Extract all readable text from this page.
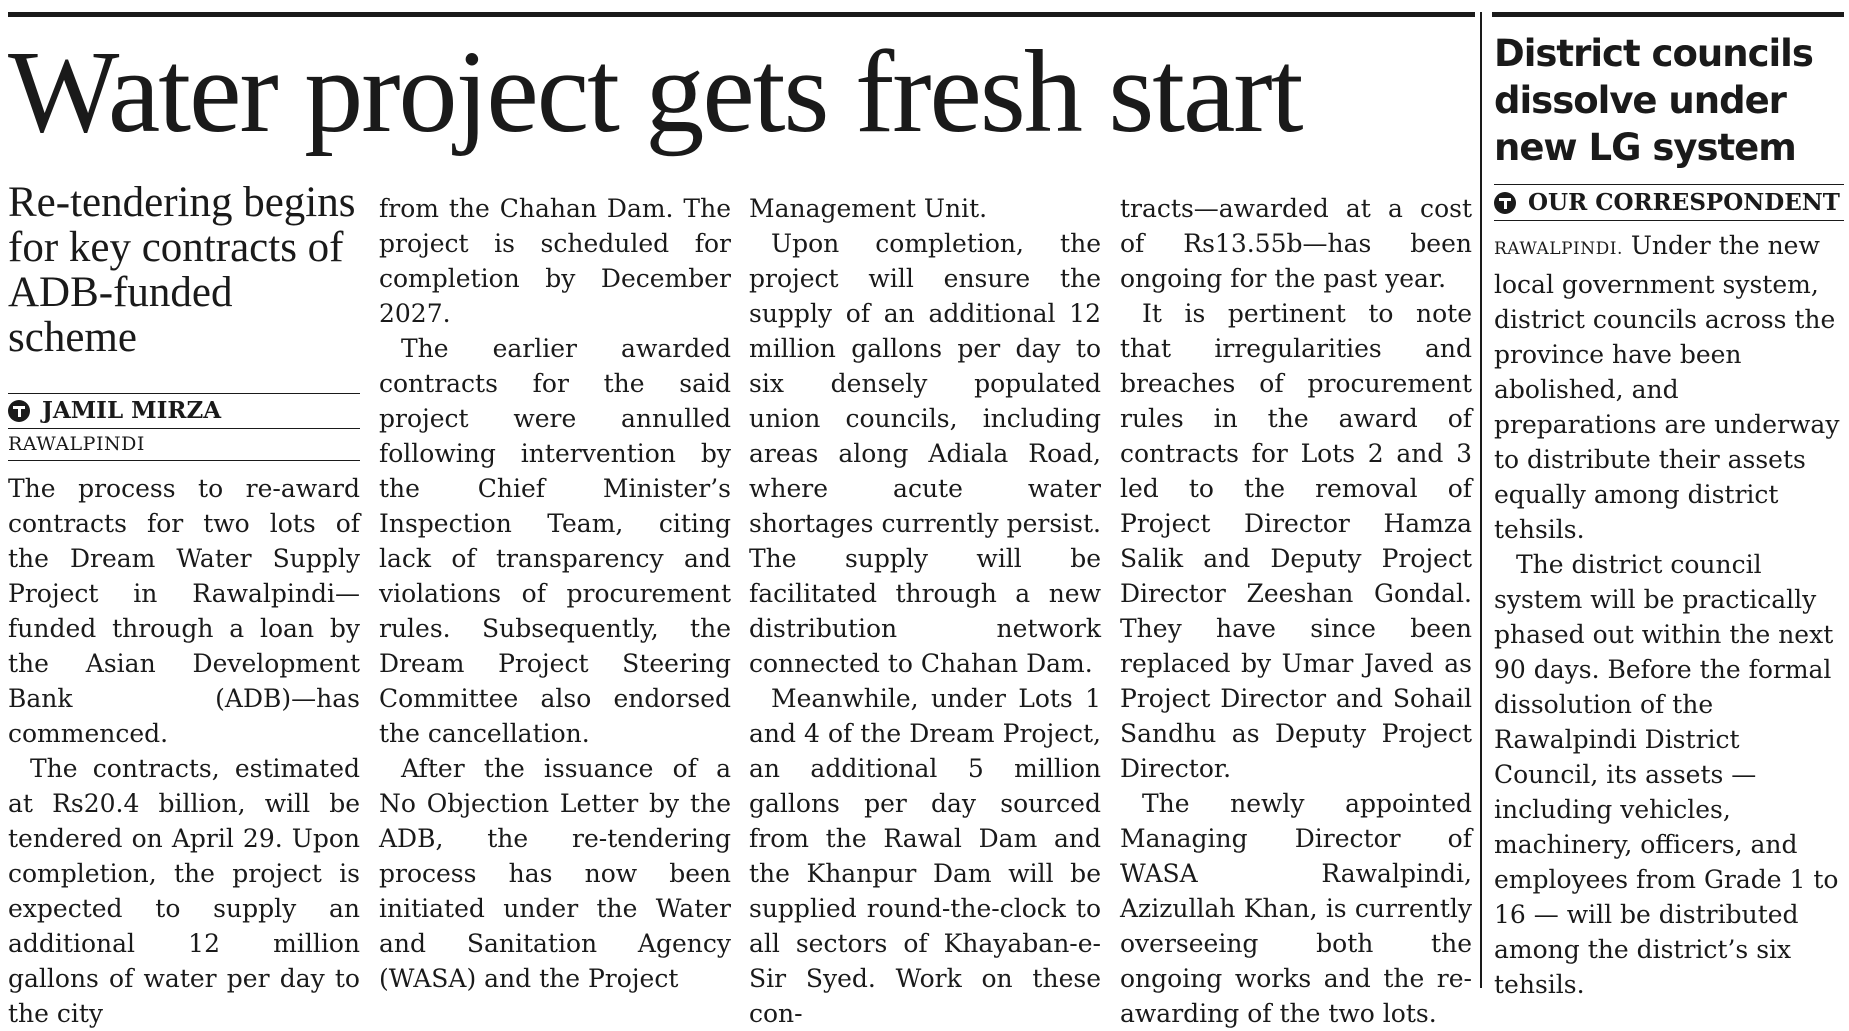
Water project gets fresh start
Re-tendering begins for key contracts of ADB-funded scheme
JAMIL MIRZA
RAWALPINDI

The process to re-award contracts for two lots of the Dream Water Supply Project in Rawalpindi—funded through a loan by the Asian Development Bank (ADB)—has commenced.

The contracts, estimated at Rs20.4 billion, will be tendered on April 29. Upon completion, the project is expected to supply an additional 12 million gallons of water per day to the city

from the Chahan Dam. The project is scheduled for completion by December 2027.

The earlier awarded contracts for the said project were annulled following intervention by the Chief Minister’s Inspection Team, citing lack of transparency and violations of procurement rules. Subsequently, the Dream Project Steering Committee also endorsed the cancellation.

After the issuance of a No Objection Letter by the ADB, the re-tendering process has now been initiated under the Water and Sanitation Agency (WASA) and the Project

Management Unit.

Upon completion, the project will ensure the supply of an additional 12 million gallons per day to six densely populated union councils, including areas along Adiala Road, where acute water shortages currently persist. The supply will be facilitated through a new distribution network connected to Chahan Dam.

Meanwhile, under Lots 1 and 4 of the Dream Project, an additional 5 million gallons per day sourced from the Rawal Dam and the Khanpur Dam will be supplied round-the-clock to all sectors of Khayaban-e-Sir Syed. Work on these con-

tracts—awarded at a cost of Rs13.55b—has been ongoing for the past year.

It is pertinent to note that irregularities and breaches of procurement rules in the award of contracts for Lots 2 and 3 led to the removal of Project Director Hamza Salik and Deputy Project Director Zeeshan Gondal. They have since been replaced by Umar Javed as Project Director and Sohail Sandhu as Deputy Project Director.

The newly appointed Managing Director of WASA Rawalpindi, Azizullah Khan, is currently overseeing both the ongoing works and the re-awarding of the two lots.

District councils dissolve under new LG system
OUR CORRESPONDENT

RAWALPINDI. Under the new local government system, district councils across the province have been abolished, and preparations are underway to distribute their assets equally among district tehsils.

The district council system will be practically phased out within the next 90 days. Before the formal dissolution of the Rawalpindi District Council, its assets — including vehicles, machinery, officers, and employees from Grade 1 to 16 — will be distributed among the district’s six tehsils.
